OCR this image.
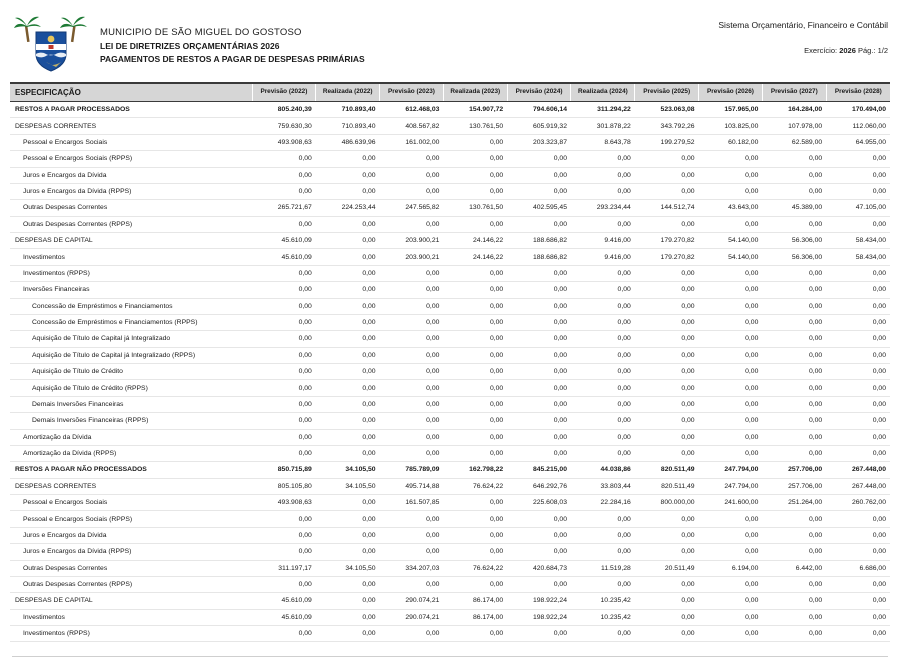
MUNICIPIO DE SÃO MIGUEL DO GOSTOSO
LEI DE DIRETRIZES ORÇAMENTÁRIAS 2026
PAGAMENTOS DE RESTOS A PAGAR DE DESPESAS PRIMÁRIAS
Sistema Orçamentário, Financeiro e Contábil
Exercício: 2026 Pág.: 1/2
ESPECIFICAÇÃO	Previsão (2022)	Realizada (2022)	Previsão (2023)	Realizada (2023)	Previsão (2024)	Realizada (2024)	Previsão (2025)	Previsão (2026)	Previsão (2027)	Previsão (2028)
RESTOS A PAGAR PROCESSADOS	805.240,39	710.893,40	612.468,03	154.907,72	794.606,14	311.294,22	523.063,08	157.965,00	164.284,00	170.494,00
DESPESAS CORRENTES	759.630,30	710.893,40	408.567,82	130.761,50	605.919,32	301.878,22	343.792,26	103.825,00	107.978,00	112.060,00
Pessoal e Encargos Sociais	493.908,63	486.639,96	161.002,00	0,00	203.323,87	8.643,78	199.279,52	60.182,00	62.589,00	64.955,00
Pessoal e Encargos Sociais (RPPS)	0,00	0,00	0,00	0,00	0,00	0,00	0,00	0,00	0,00	0,00
Juros e Encargos da Dívida	0,00	0,00	0,00	0,00	0,00	0,00	0,00	0,00	0,00	0,00
Juros e Encargos da Dívida (RPPS)	0,00	0,00	0,00	0,00	0,00	0,00	0,00	0,00	0,00	0,00
Outras Despesas Correntes	265.721,67	224.253,44	247.565,82	130.761,50	402.595,45	293.234,44	144.512,74	43.643,00	45.389,00	47.105,00
Outras Despesas Correntes (RPPS)	0,00	0,00	0,00	0,00	0,00	0,00	0,00	0,00	0,00	0,00
DESPESAS DE CAPITAL	45.610,09	0,00	203.900,21	24.146,22	188.686,82	9.416,00	179.270,82	54.140,00	56.306,00	58.434,00
Investimentos	45.610,09	0,00	203.900,21	24.146,22	188.686,82	9.416,00	179.270,82	54.140,00	56.306,00	58.434,00
Investimentos (RPPS)	0,00	0,00	0,00	0,00	0,00	0,00	0,00	0,00	0,00	0,00
Inversões Financeiras	0,00	0,00	0,00	0,00	0,00	0,00	0,00	0,00	0,00	0,00
Concessão de Empréstimos e Financiamentos	0,00	0,00	0,00	0,00	0,00	0,00	0,00	0,00	0,00	0,00
Concessão de Empréstimos e Financiamentos (RPPS)	0,00	0,00	0,00	0,00	0,00	0,00	0,00	0,00	0,00	0,00
Aquisição de Título de Capital já Integralizado	0,00	0,00	0,00	0,00	0,00	0,00	0,00	0,00	0,00	0,00
Aquisição de Título de Capital já Integralizado (RPPS)	0,00	0,00	0,00	0,00	0,00	0,00	0,00	0,00	0,00	0,00
Aquisição de Título de Crédito	0,00	0,00	0,00	0,00	0,00	0,00	0,00	0,00	0,00	0,00
Aquisição de Título de Crédito (RPPS)	0,00	0,00	0,00	0,00	0,00	0,00	0,00	0,00	0,00	0,00
Demais Inversões Financeiras	0,00	0,00	0,00	0,00	0,00	0,00	0,00	0,00	0,00	0,00
Demais Inversões Financeiras (RPPS)	0,00	0,00	0,00	0,00	0,00	0,00	0,00	0,00	0,00	0,00
Amortização da Dívida	0,00	0,00	0,00	0,00	0,00	0,00	0,00	0,00	0,00	0,00
Amortização da Dívida (RPPS)	0,00	0,00	0,00	0,00	0,00	0,00	0,00	0,00	0,00	0,00
RESTOS A PAGAR NÃO PROCESSADOS	850.715,89	34.105,50	785.789,09	162.798,22	845.215,00	44.038,86	820.511,49	247.794,00	257.706,00	267.448,00
DESPESAS CORRENTES	805.105,80	34.105,50	495.714,88	76.624,22	646.292,76	33.803,44	820.511,49	247.794,00	257.706,00	267.448,00
Pessoal e Encargos Sociais	493.908,63	0,00	161.507,85	0,00	225.608,03	22.284,16	800.000,00	241.600,00	251.264,00	260.762,00
Pessoal e Encargos Sociais (RPPS)	0,00	0,00	0,00	0,00	0,00	0,00	0,00	0,00	0,00	0,00
Juros e Encargos da Dívida	0,00	0,00	0,00	0,00	0,00	0,00	0,00	0,00	0,00	0,00
Juros e Encargos da Dívida (RPPS)	0,00	0,00	0,00	0,00	0,00	0,00	0,00	0,00	0,00	0,00
Outras Despesas Correntes	311.197,17	34.105,50	334.207,03	76.624,22	420.684,73	11.519,28	20.511,49	6.194,00	6.442,00	6.686,00
Outras Despesas Correntes (RPPS)	0,00	0,00	0,00	0,00	0,00	0,00	0,00	0,00	0,00	0,00
DESPESAS DE CAPITAL	45.610,09	0,00	290.074,21	86.174,00	198.922,24	10.235,42	0,00	0,00	0,00	0,00
Investimentos	45.610,09	0,00	290.074,21	86.174,00	198.922,24	10.235,42	0,00	0,00	0,00	0,00
Investimentos (RPPS)	0,00	0,00	0,00	0,00	0,00	0,00	0,00	0,00	0,00	0,00
